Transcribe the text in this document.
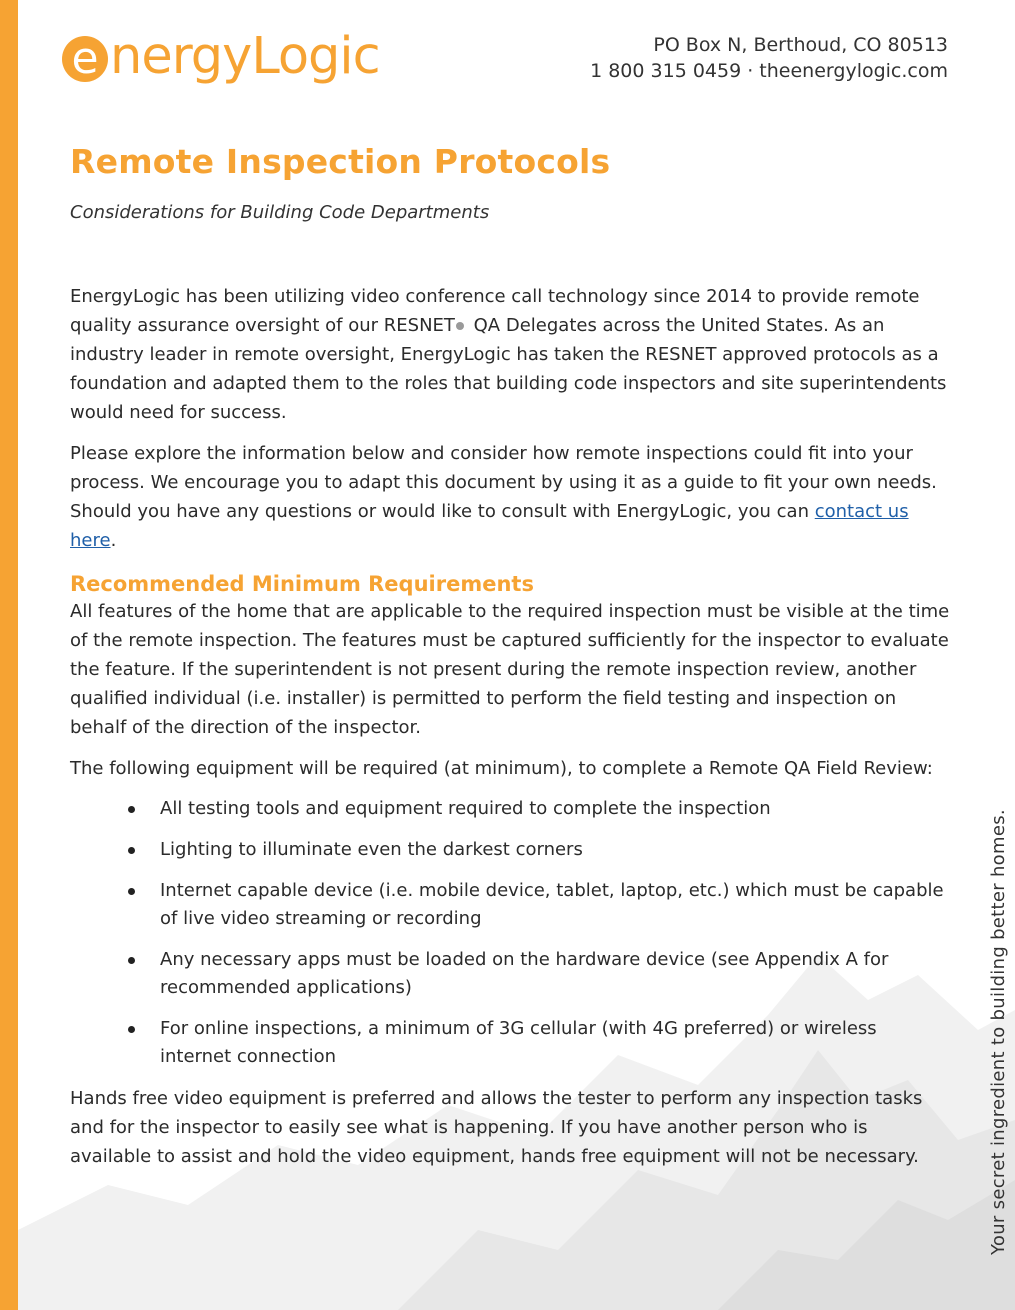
e nergyLogic	PO Box N, Berthoud, CO 80513
1 800 315 0459 · theenergylogic.com
Remote Inspection Protocols
Considerations for Building Code Departments

EnergyLogic has been utilizing video conference call technology since 2014 to provide remote quality assurance oversight of our RESNET QA Delegates across the United States. As an industry leader in remote oversight, EnergyLogic has taken the RESNET approved protocols as a foundation and adapted them to the roles that building code inspectors and site superintendents would need for success.

Please explore the information below and consider how remote inspections could fit into your process. We encourage you to adapt this document by using it as a guide to fit your own needs. Should you have any questions or would like to consult with EnergyLogic, you can contact us here.

Recommended Minimum Requirements

All features of the home that are applicable to the required inspection must be visible at the time of the remote inspection. The features must be captured sufficiently for the inspector to evaluate the feature. If the superintendent is not present during the remote inspection review, another qualified individual (i.e. installer) is permitted to perform the field testing and inspection on behalf of the direction of the inspector.

The following equipment will be required (at minimum), to complete a Remote QA Field Review:

All testing tools and equipment required to complete the inspection
Lighting to illuminate even the darkest corners
Internet capable device (i.e. mobile device, tablet, laptop, etc.) which must be capable of live video streaming or recording
Any necessary apps must be loaded on the hardware device (see Appendix A for recommended applications)
For online inspections, a minimum of 3G cellular (with 4G preferred) or wireless internet connection

Hands free video equipment is preferred and allows the tester to perform any inspection tasks and for the inspector to easily see what is happening. If you have another person who is available to assist and hold the video equipment, hands free equipment will not be necessary.	Your secret ingredient to building better homes.
